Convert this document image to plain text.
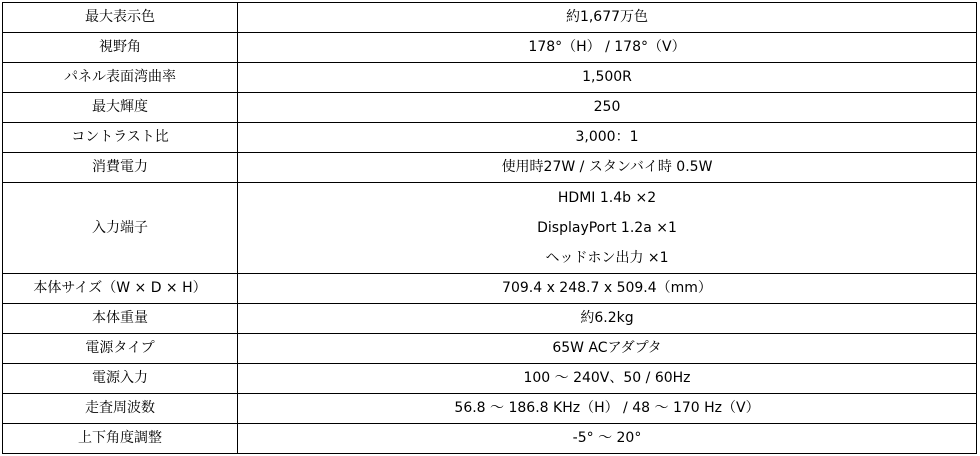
最大表示色	約1,677万色
視野角	178°（H） / 178°（V）
パネル表面湾曲率	1,500R
最大輝度	250
コントラスト比	3,000：1
消費電力	使用時27W / スタンバイ時 0.5W
入力端子	HDMI 1.4b ×2
DisplayPort 1.2a ×1
ヘッドホン出力 ×1

本体サイズ（W × D × H）	709.4 x 248.7 x 509.4（mm）
本体重量	約6.2kg
電源タイプ	65W ACアダプタ
電源入力	100 ～ 240V、50 / 60Hz
走査周波数	56.8 ～ 186.8 KHz（H） / 48 ～ 170 Hz（V）
上下角度調整	-5° ～ 20°
